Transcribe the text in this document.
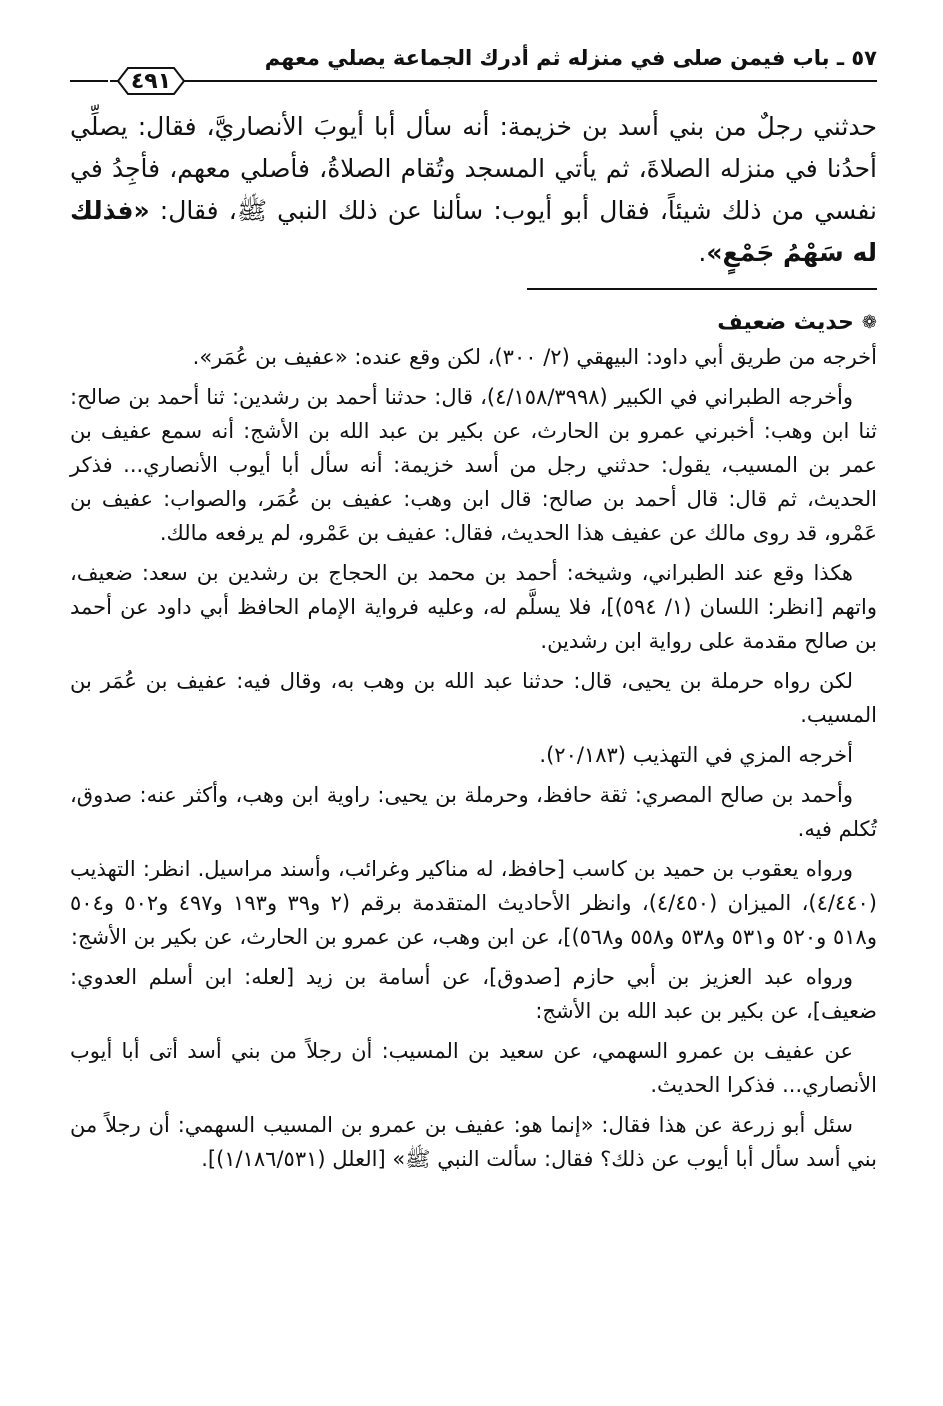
٥٧ ـ باب فيمن صلى في منزله ثم أدرك الجماعة يصلي معهم
٤٩١
حدثني رجلٌ من بني أسد بن خزيمة: أنه سأل أبا أيوبَ الأنصاريَّ، فقال: يصلِّي أحدُنا في منزله الصلاةَ، ثم يأتي المسجد وتُقام الصلاةُ، فأصلي معهم، فأجِدُ في نفسي من ذلك شيئاً، فقال أبو أيوب: سألنا عن ذلك النبي ﷺ، فقال: «فذلك له سَهْمُ جَمْعٍ».
❁
حديث ضعيف

أخرجه من طريق أبي داود: البيهقي (٢/ ٣٠٠)، لكن وقع عنده: «عفيف بن عُمَر».

وأخرجه الطبراني في الكبير (٤/١٥٨/٣٩٩٨)، قال: حدثنا أحمد بن رشدين: ثنا أحمد بن صالح: ثنا ابن وهب: أخبرني عمرو بن الحارث، عن بكير بن عبد الله بن الأشج: أنه سمع عفيف بن عمر بن المسيب، يقول: حدثني رجل من أسد خزيمة: أنه سأل أبا أيوب الأنصاري... فذكر الحديث، ثم قال: قال أحمد بن صالح: قال ابن وهب: عفيف بن عُمَر، والصواب: عفيف بن عَمْرو، قد روى مالك عن عفيف هذا الحديث، فقال: عفيف بن عَمْرو، لم يرفعه مالك.

هكذا وقع عند الطبراني، وشيخه: أحمد بن محمد بن الحجاج بن رشدين بن سعد: ضعيف، واتهم [انظر: اللسان (١/ ٥٩٤)]، فلا يسلَّم له، وعليه فرواية الإمام الحافظ أبي داود عن أحمد بن صالح مقدمة على رواية ابن رشدين.

لكن رواه حرملة بن يحيى، قال: حدثنا عبد الله بن وهب به، وقال فيه: عفيف بن عُمَر بن المسيب.

أخرجه المزي في التهذيب (٢٠/١٨٣).

وأحمد بن صالح المصري: ثقة حافظ، وحرملة بن يحيى: راوية ابن وهب، وأكثر عنه: صدوق، تُكلم فيه.

ورواه يعقوب بن حميد بن كاسب [حافظ، له مناكير وغرائب، وأسند مراسيل. انظر: التهذيب (٤/٤٤٠)، الميزان (٤/٤٥٠)، وانظر الأحاديث المتقدمة برقم (٢ و٣٩ و١٩٣ و٤٩٧ و٥٠٢ و٥٠٤ و٥١٨ و٥٢٠ و٥٣١ و٥٣٨ و٥٥٨ و٥٦٨)]، عن ابن وهب، عن عمرو بن الحارث، عن بكير بن الأشج:

ورواه عبد العزيز بن أبي حازم [صدوق]، عن أسامة بن زيد [لعله: ابن أسلم العدوي: ضعيف]، عن بكير بن عبد الله بن الأشج:

عن عفيف بن عمرو السهمي، عن سعيد بن المسيب: أن رجلاً من بني أسد أتى أبا أيوب الأنصاري... فذكرا الحديث.

سئل أبو زرعة عن هذا فقال: «إنما هو: عفيف بن عمرو بن المسيب السهمي: أن رجلاً من بني أسد سأل أبا أيوب عن ذلك؟ فقال: سألت النبي ﷺ» [العلل (١/١٨٦/٥٣١)].
